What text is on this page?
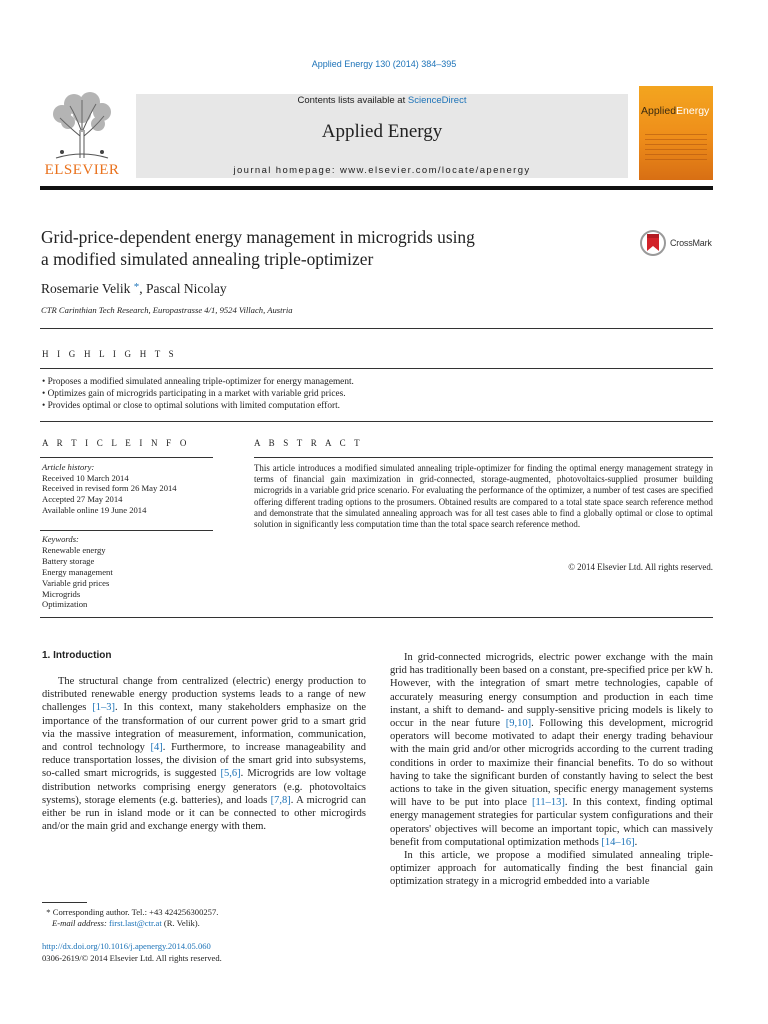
Applied Energy 130 (2014) 384–395
ELSEVIER
Contents lists available at ScienceDirect
Applied Energy
journal homepage: www.elsevier.com/locate/apenergy
AppliedEnergy
Grid-price-dependent energy management in microgrids using
a modified simulated annealing triple-optimizer
CrossMark
Rosemarie Velik *, Pascal Nicolay
CTR Carinthian Tech Research, Europastrasse 4/1, 9524 Villach, Austria
H I G H L I G H T S
• Proposes a modified simulated annealing triple-optimizer for energy management.
• Optimizes gain of microgrids participating in a market with variable grid prices.
• Provides optimal or close to optimal solutions with limited computation effort.
A R T I C L E I N F O	A B S T R A C T
Article history:
Received 10 March 2014
Received in revised form 26 May 2014
Accepted 27 May 2014
Available online 19 June 2014
Keywords:
Renewable energy
Battery storage
Energy management
Variable grid prices
Microgrids
Optimization
This article introduces a modified simulated annealing triple-optimizer for finding the optimal energy management strategy in terms of financial gain maximization in grid-connected, storage-augmented, photovoltaics-supplied prosumer building microgrids in a variable grid price scenario. For evaluating the performance of the optimizer, a number of test cases are specified offering different trading options to the prosumers. Obtained results are compared to a total state space search reference method and demonstrate that the simulated annealing approach was for all test cases able to find a globally optimal or close to optimal solution in significantly less computation time than the total space search reference method.
© 2014 Elsevier Ltd. All rights reserved.
1. Introduction
The structural change from centralized (electric) energy production to distributed renewable energy production systems leads to a range of new challenges [1–3]. In this context, many stakeholders emphasize on the importance of the transformation of our current power grid to a smart grid via the massive integration of measurement, information, communication, and control technology [4]. Furthermore, to increase manageability and reduce transportation losses, the division of the smart grid into subsystems, so-called smart microgrids, is suggested [5,6]. Microgrids are low voltage distribution networks comprising energy generators (e.g. photovoltaics systems), storage elements (e.g. batteries), and loads [7,8]. A microgrid can either be run in island mode or it can be connected to other microgirds and/or the main grid and exchange energy with them.

In grid-connected microgrids, electric power exchange with the main grid has traditionally been based on a constant, pre-specified price per kW h. However, with the integration of smart metre technologies, capable of accurately measuring energy consumption and production in each time instant, a shift to demand- and supply-sensitive pricing models is likely to occur in the near future [9,10]. Following this development, microgrid operators will become motivated to adapt their energy trading behaviour with the main grid and/or other microgrids according to the current trading conditions in order to maximize their financial benefits. To do so without having to take the significant burden of constantly having to select the best actions to take in the given situation, specific energy management systems will have to be put into place [11–13]. In this context, finding optimal energy management strategies for particular system configurations and their operators' objectives will become an important topic, which can massively benefit from computational optimization methods [14–16].

In this article, we propose a modified simulated annealing triple-optimizer approach for automatically finding the best financial gain optimization strategy in a microgrid embedded into a variable

* Corresponding author. Tel.: +43 424256300257.
E-mail address: first.last@ctr.at (R. Velik).
http://dx.doi.org/10.1016/j.apenergy.2014.05.060
0306-2619/© 2014 Elsevier Ltd. All rights reserved.
